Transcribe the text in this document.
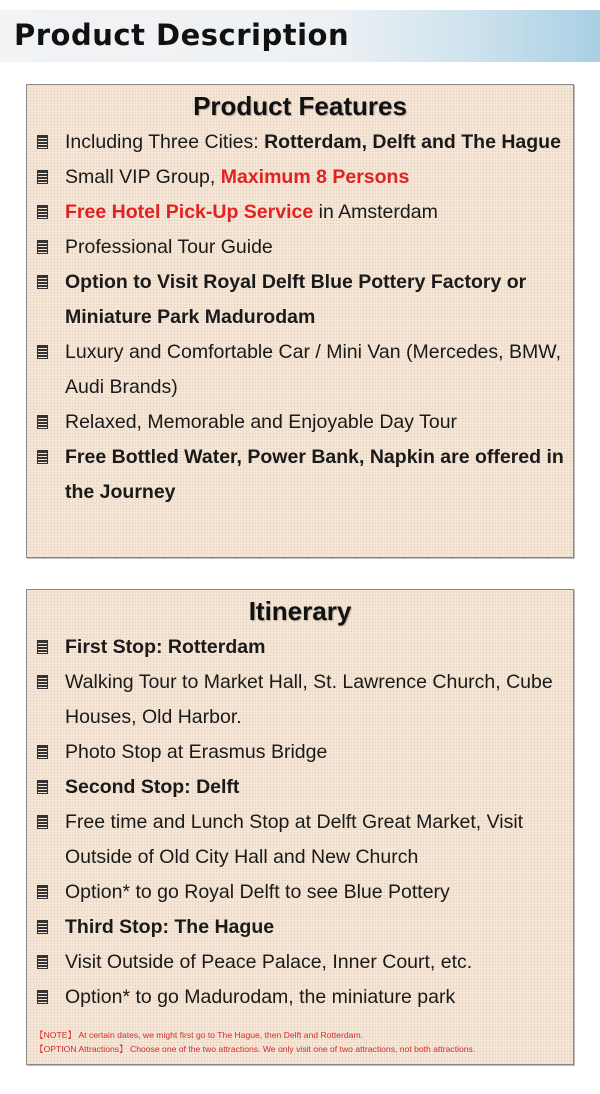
Product Description
Product Features
Including Three Cities: Rotterdam, Delft and The Hague
Small VIP Group, Maximum 8 Persons
Free Hotel Pick-Up Service in Amsterdam
Professional Tour Guide
Option to Visit Royal Delft Blue Pottery Factory or Miniature Park Madurodam
Luxury and Comfortable Car / Mini Van (Mercedes, BMW, Audi Brands)
Relaxed, Memorable and Enjoyable Day Tour
Free Bottled Water, Power Bank, Napkin are offered in the Journey
Itinerary
First Stop: Rotterdam
Walking Tour to Market Hall, St. Lawrence Church, Cube Houses, Old Harbor.
Photo Stop at Erasmus Bridge
Second Stop: Delft
Free time and Lunch Stop at Delft Great Market, Visit Outside of Old City Hall and New Church
Option* to go Royal Delft to see Blue Pottery
Third Stop: The Hague
Visit Outside of Peace Palace, Inner Court, etc.
Option* to go Madurodam, the miniature park
【NOTE】 At certain dates, we might first go to The Hague, then Delft and Rotterdam.
【OPTION Attractions】 Choose one of the two attractions. We only visit one of two attractions, not both attractions.
